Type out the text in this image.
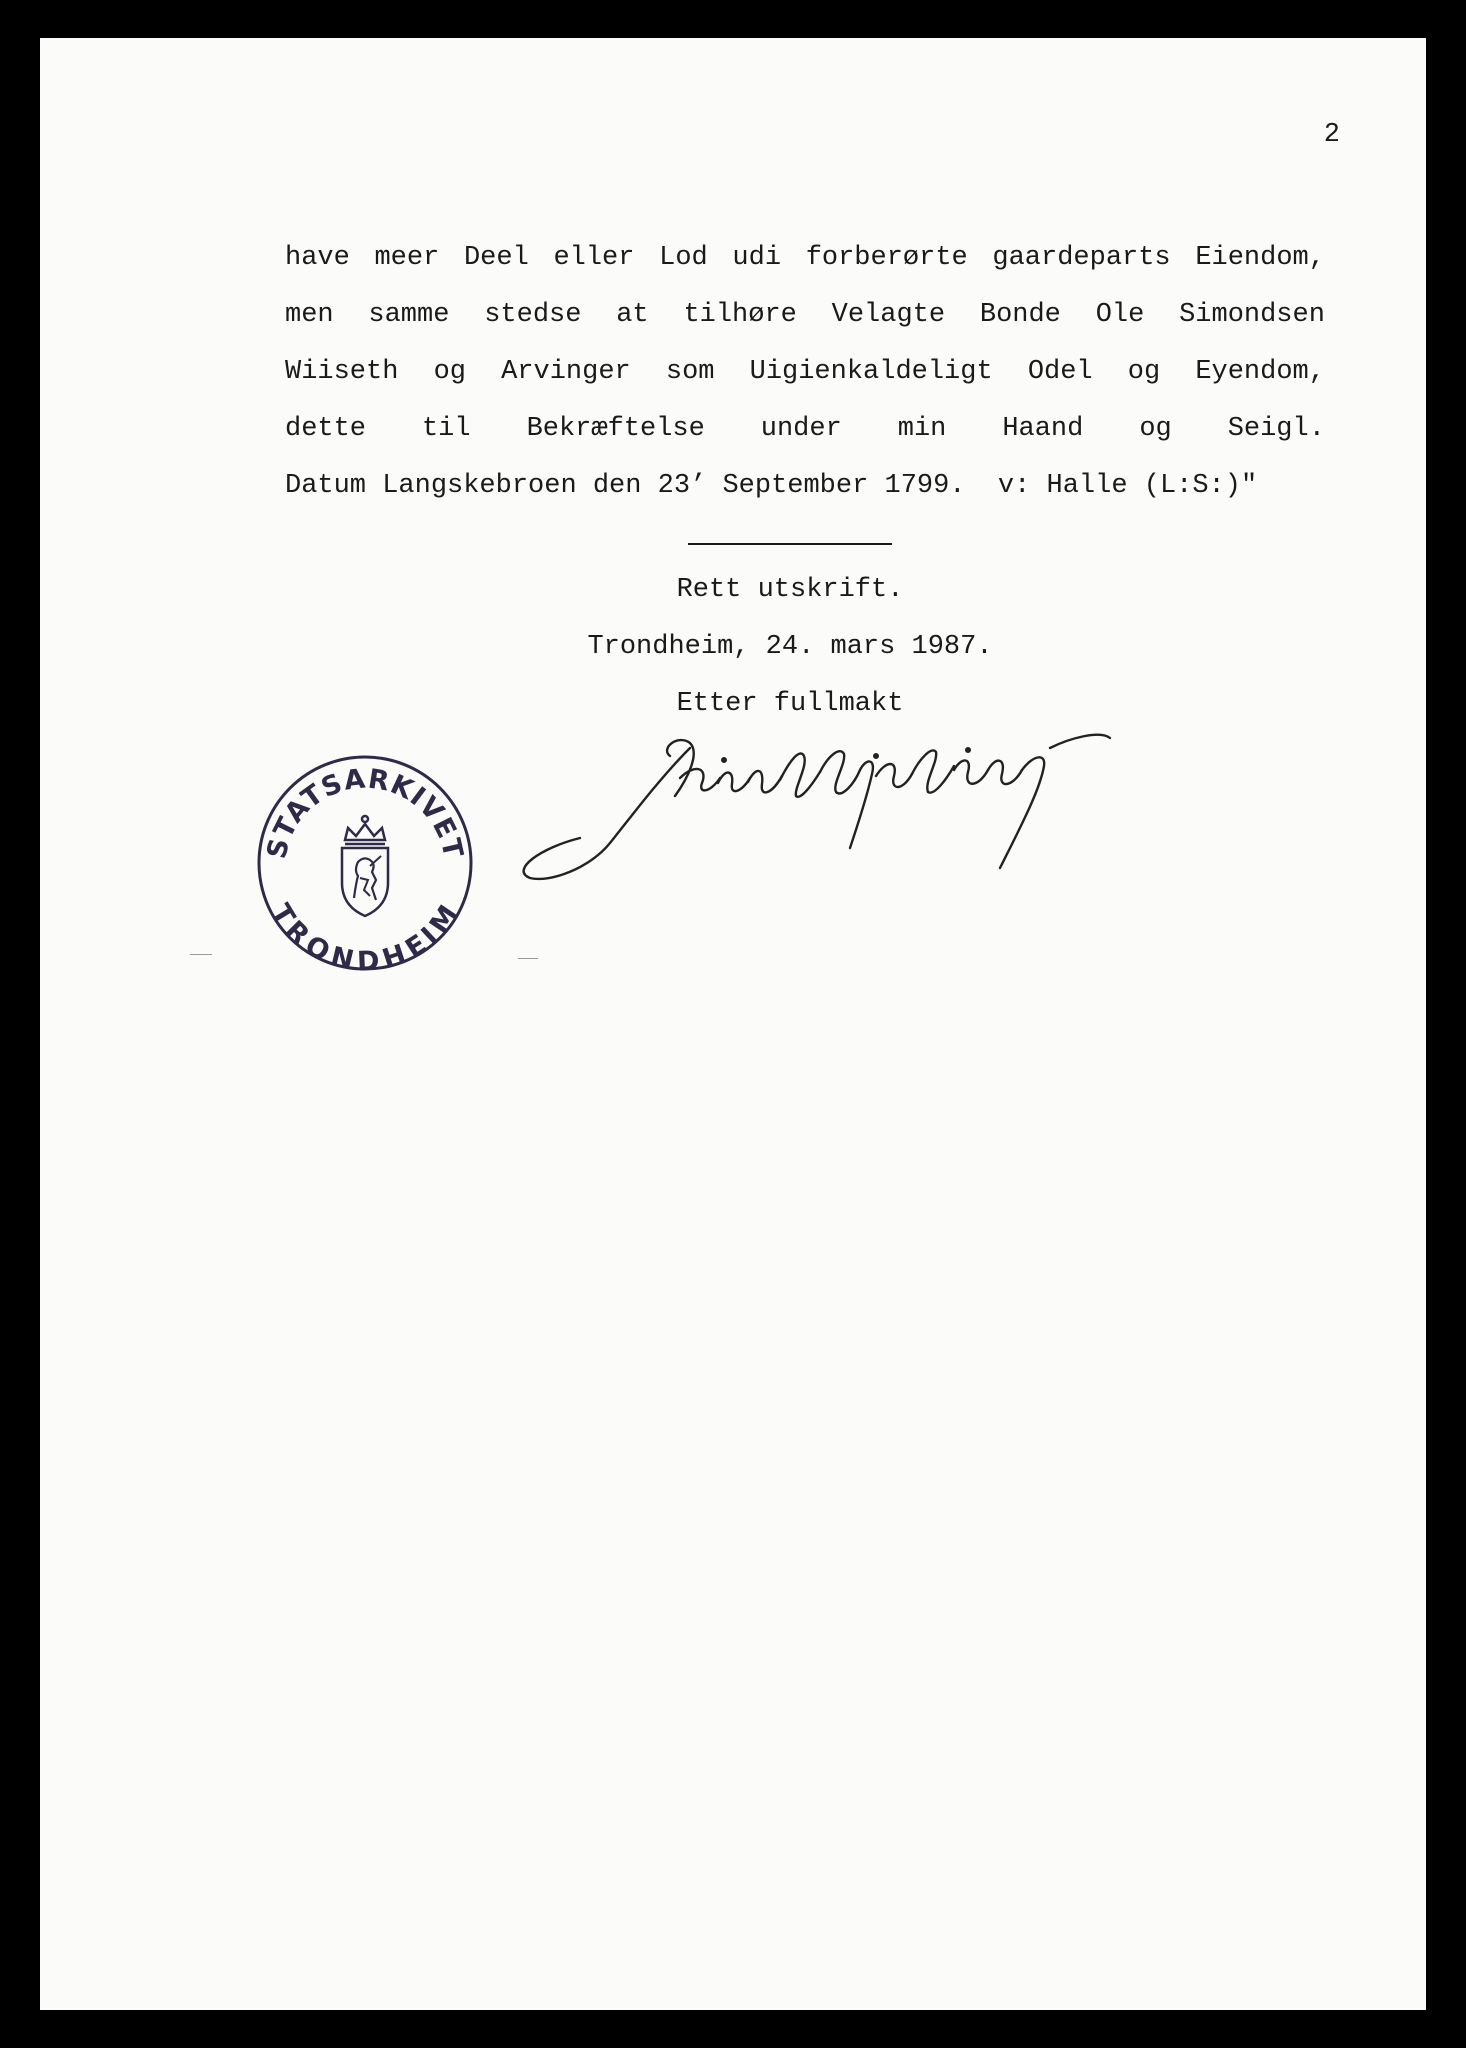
2
have meer Deel eller Lod udi forberørte gaardeparts Eiendom,
men samme stedse at tilhøre Velagte Bonde Ole Simondsen
Wiiseth og Arvinger som Uigienkaldeligt Odel og Eyendom,
dette til Bekræftelse under min Haand og Seigl.
Datum Langskebroen den 23’ September 1799.  v: Halle (L:S:)"
Rett utskrift.
Trondheim, 24. mars 1987.
Etter fullmakt
STATSARKIVET
TRONDHEIM
